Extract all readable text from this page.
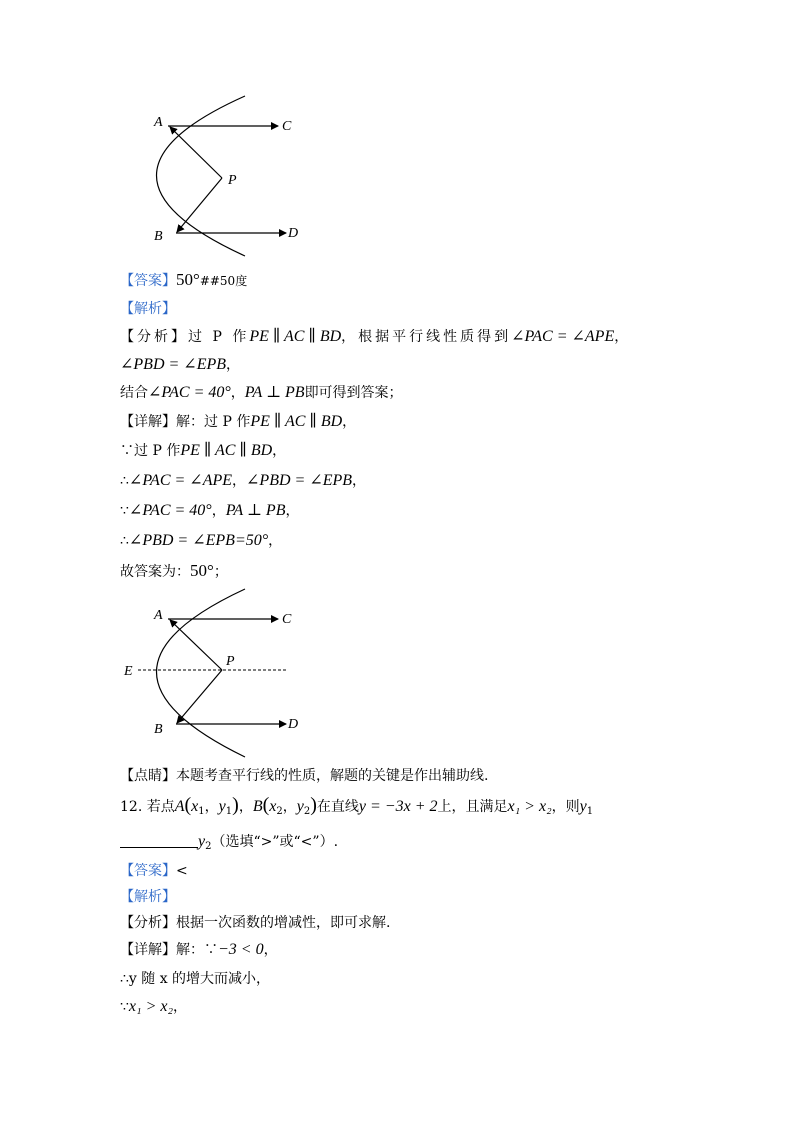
A	C
P
B	D
【答案】50°##50度
【解析】
【分析】过 P 作PE ∥ AC ∥ BD，根据平行线性质得到∠PAC = ∠APE，
∠PBD = ∠EPB，
结合∠PAC = 40°，PA ⊥ PB即可得到答案；
【详解】解：过 P 作PE ∥ AC ∥ BD，
∵过 P 作PE ∥ AC ∥ BD，
∴∠PAC = ∠APE，∠PBD = ∠EPB，
∵∠PAC = 40°，PA ⊥ PB，
∴∠PBD = ∠EPB=50°，
故答案为：50°；
A	C
P
E
B	D
【点睛】本题考查平行线的性质，解题的关键是作出辅助线.
12. 若点$A(x_1$，$y_1$)，$B(x_2$，$y_2$)在直线y = −3x + 2上，且满足x₁ > x₂，则$y_1$
$y_2$（选填“>”或“<”）.
【答案】<
【解析】
【分析】根据一次函数的增减性，即可求解.
【详解】解：∵−3 < 0，
∴y 随 x 的增大而减小，
∵x₁ > x₂，
